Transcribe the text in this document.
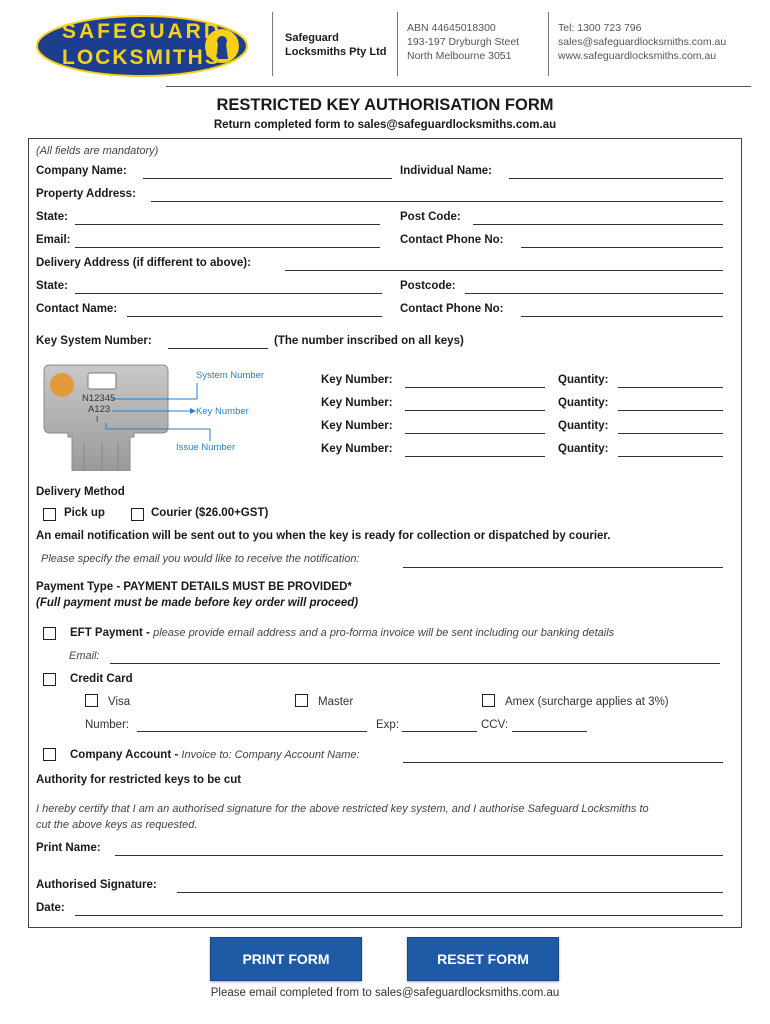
SAFEGUARD
LOCKSMITHS
Safeguard
Locksmiths Pty Ltd
ABN 44645018300
193-197 Dryburgh Steet
North Melbourne 3051
Tel: 1300 723 796
sales@safeguardlocksmiths.com.au
www.safeguardlocksmiths.com.au
RESTRICTED KEY AUTHORISATION FORM
Return completed form to sales@safeguardlocksmiths.com.au
(All fields are mandatory)
Company Name:	Individual Name:
Property Address:
State:	Post Code:
Email:	Contact Phone No:
Delivery Address (if different to above):
State:	Postcode:
Contact Name:	Contact Phone No:
Key System Number:	(The number inscribed on all keys)
N12345
A123
I
System Number
Key Number
Issue Number
Key Number:	Quantity:
Key Number:	Quantity:
Key Number:	Quantity:
Key Number:	Quantity:
Delivery Method
Pick up	Courier ($26.00+GST)
An email notification will be sent out to you when the key is ready for collection or dispatched by courier.
Please specify the email you would like to receive the notification:
Payment Type - PAYMENT DETAILS MUST BE PROVIDED*
(Full payment must be made before key order will proceed)
EFT Payment - please provide email address and a pro-forma invoice will be sent including our banking details
Email:
Credit Card
Visa	Master	Amex (surcharge applies at 3%)
Number:	Exp:	CCV:
Company Account - Invoice to: Company Account Name:
Authority for restricted keys to be cut
I hereby certify that I am an authorised signature for the above restricted key system, and I authorise Safeguard Locksmiths to
cut the above keys as requested.
Print Name:
Authorised Signature:
Date:
PRINT FORM	RESET FORM
Please email completed from to sales@safeguardlocksmiths.com.au
